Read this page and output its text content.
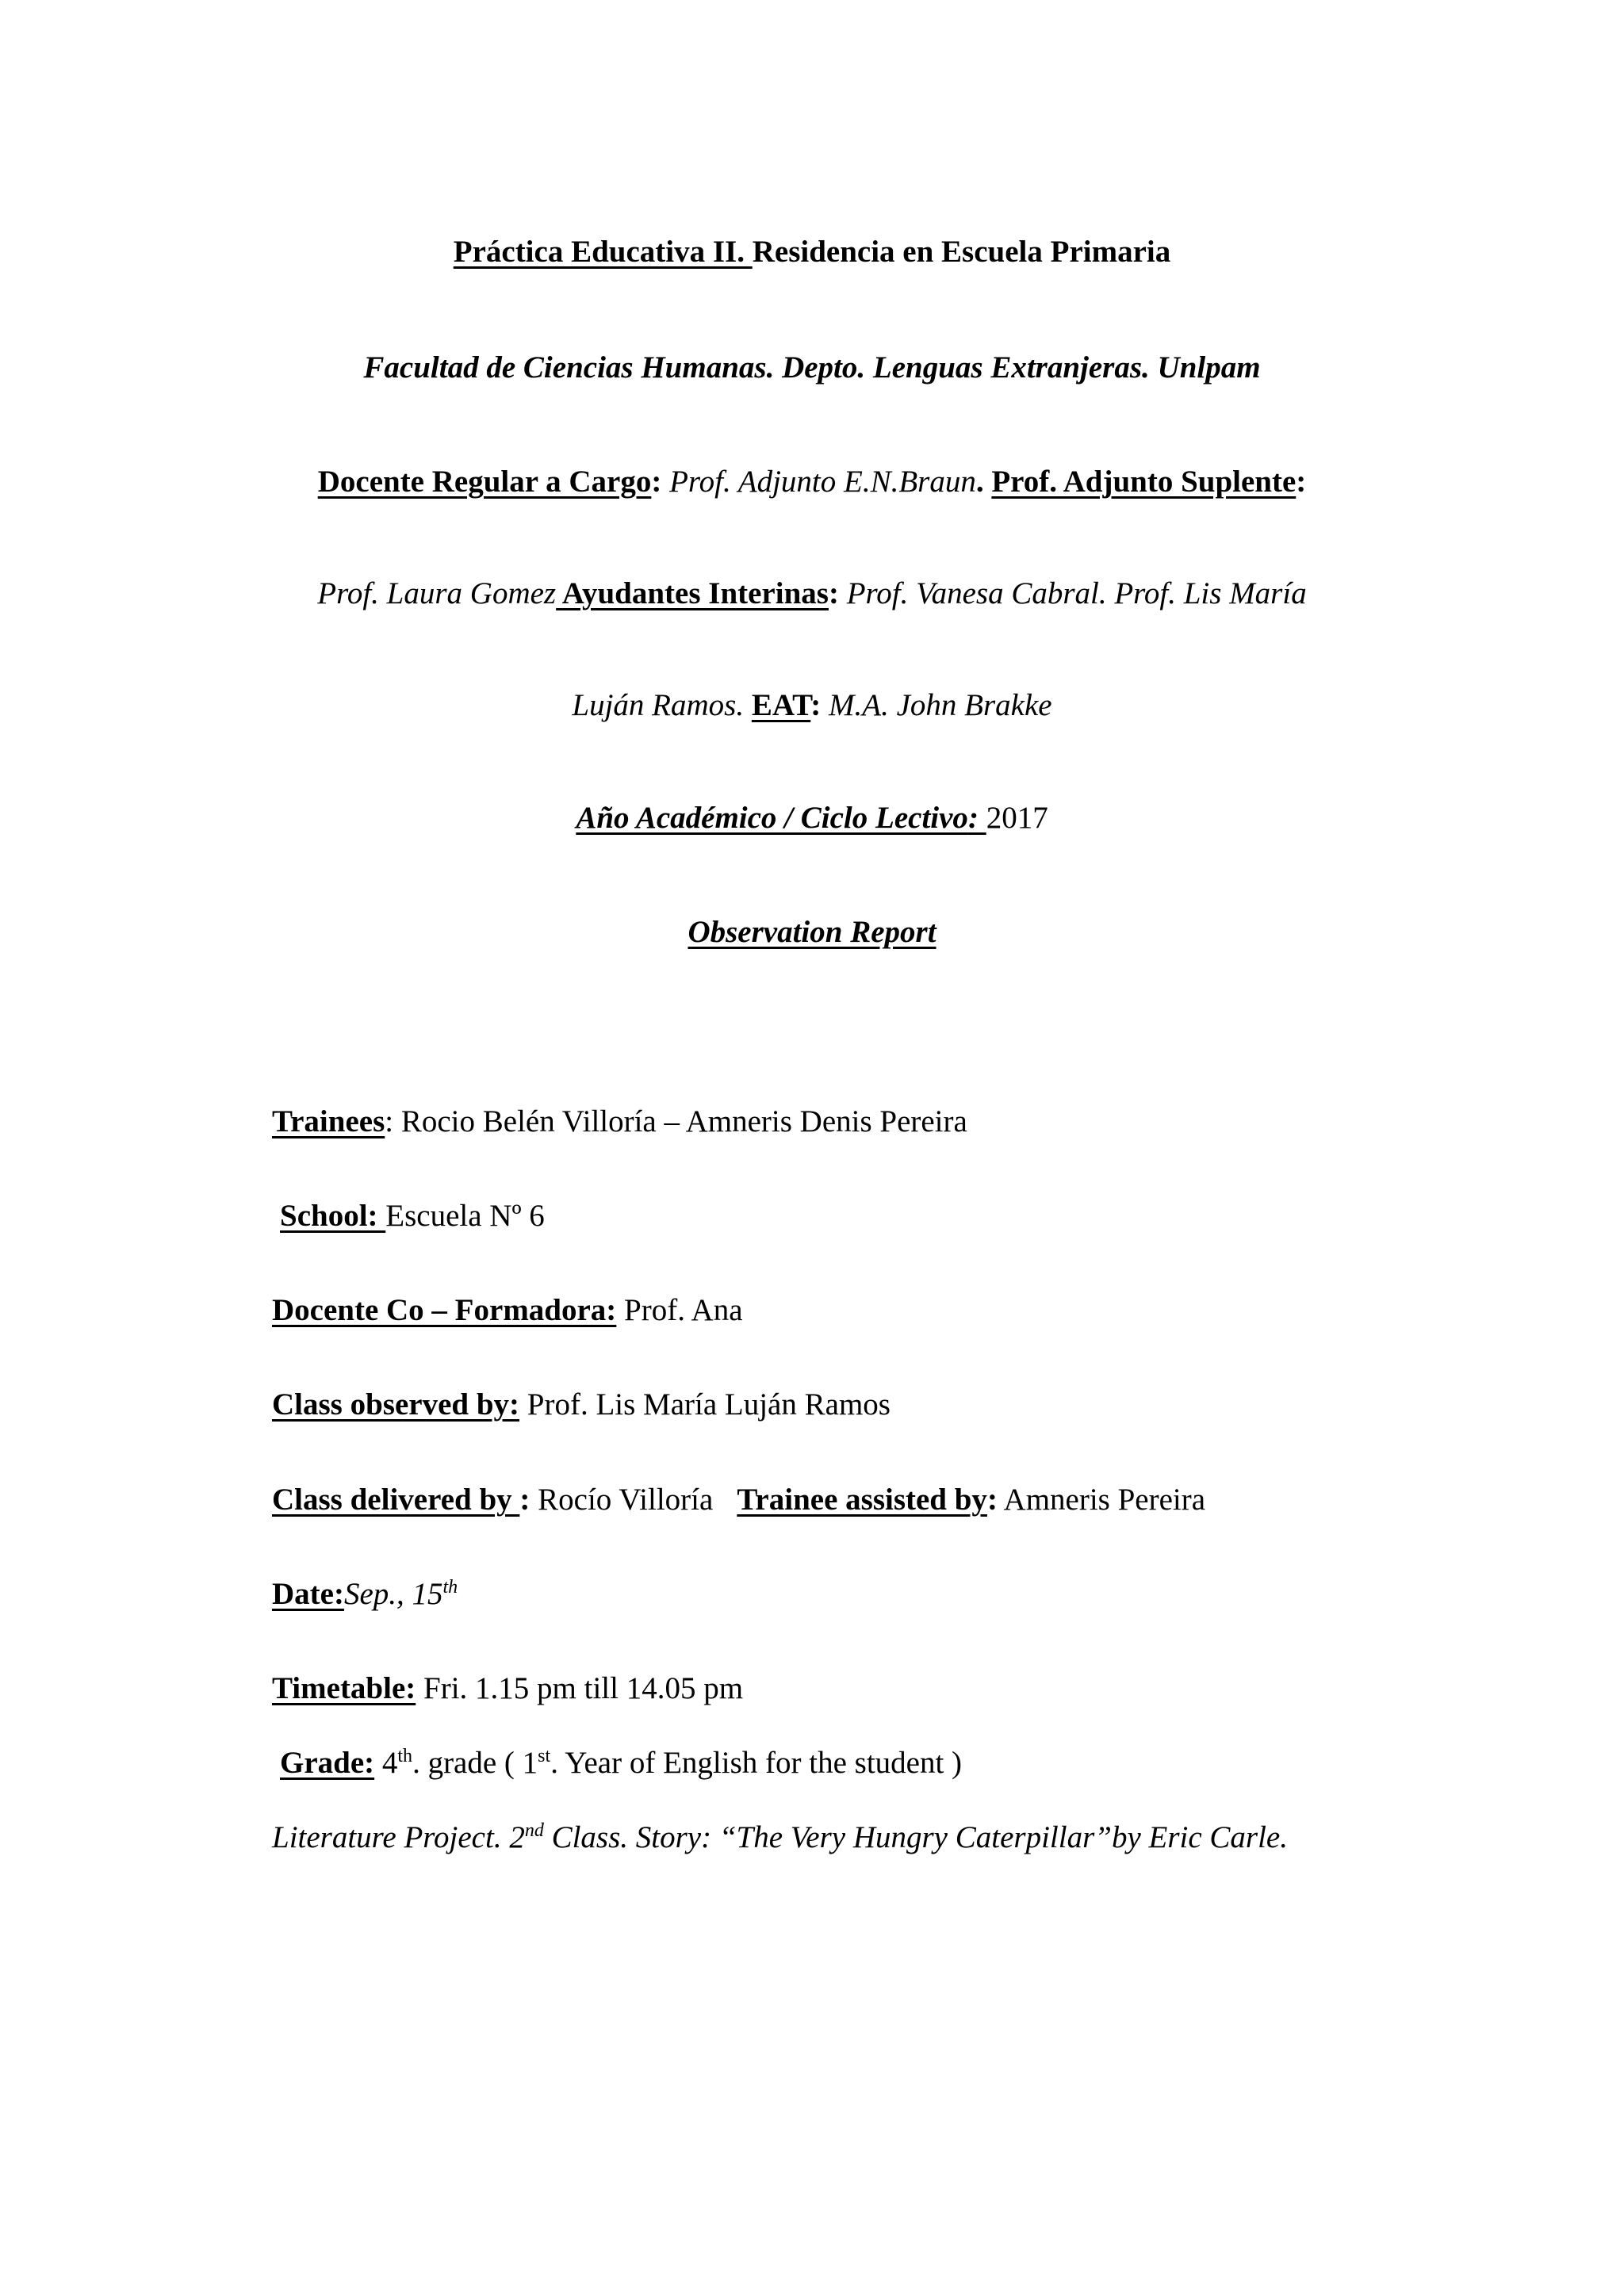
Práctica Educativa II. Residencia en Escuela Primaria
Facultad de Ciencias Humanas. Depto. Lenguas Extranjeras. Unlpam
Docente Regular a Cargo: Prof. Adjunto E.N.Braun. Prof. Adjunto Suplente:
Prof. Laura Gomez Ayudantes Interinas: Prof. Vanesa Cabral. Prof. Lis María
Luján Ramos. EAT: M.A. John Brakke
Año Académico / Ciclo Lectivo: 2017
Observation Report
Trainees: Rocio Belén Villoría – Amneris Denis Pereira
School: Escuela Nº 6
Docente Co – Formadora: Prof. Ana
Class observed by: Prof. Lis María Luján Ramos
Class delivered by : Rocío Villoría Trainee assisted by: Amneris Pereira
Date:Sep., 15th
Timetable: Fri. 1.15 pm till 14.05 pm
Grade: 4th. grade ( 1st. Year of English for the student )
Literature Project. 2nd Class. Story: “The Very Hungry Caterpillar”by Eric Carle.
